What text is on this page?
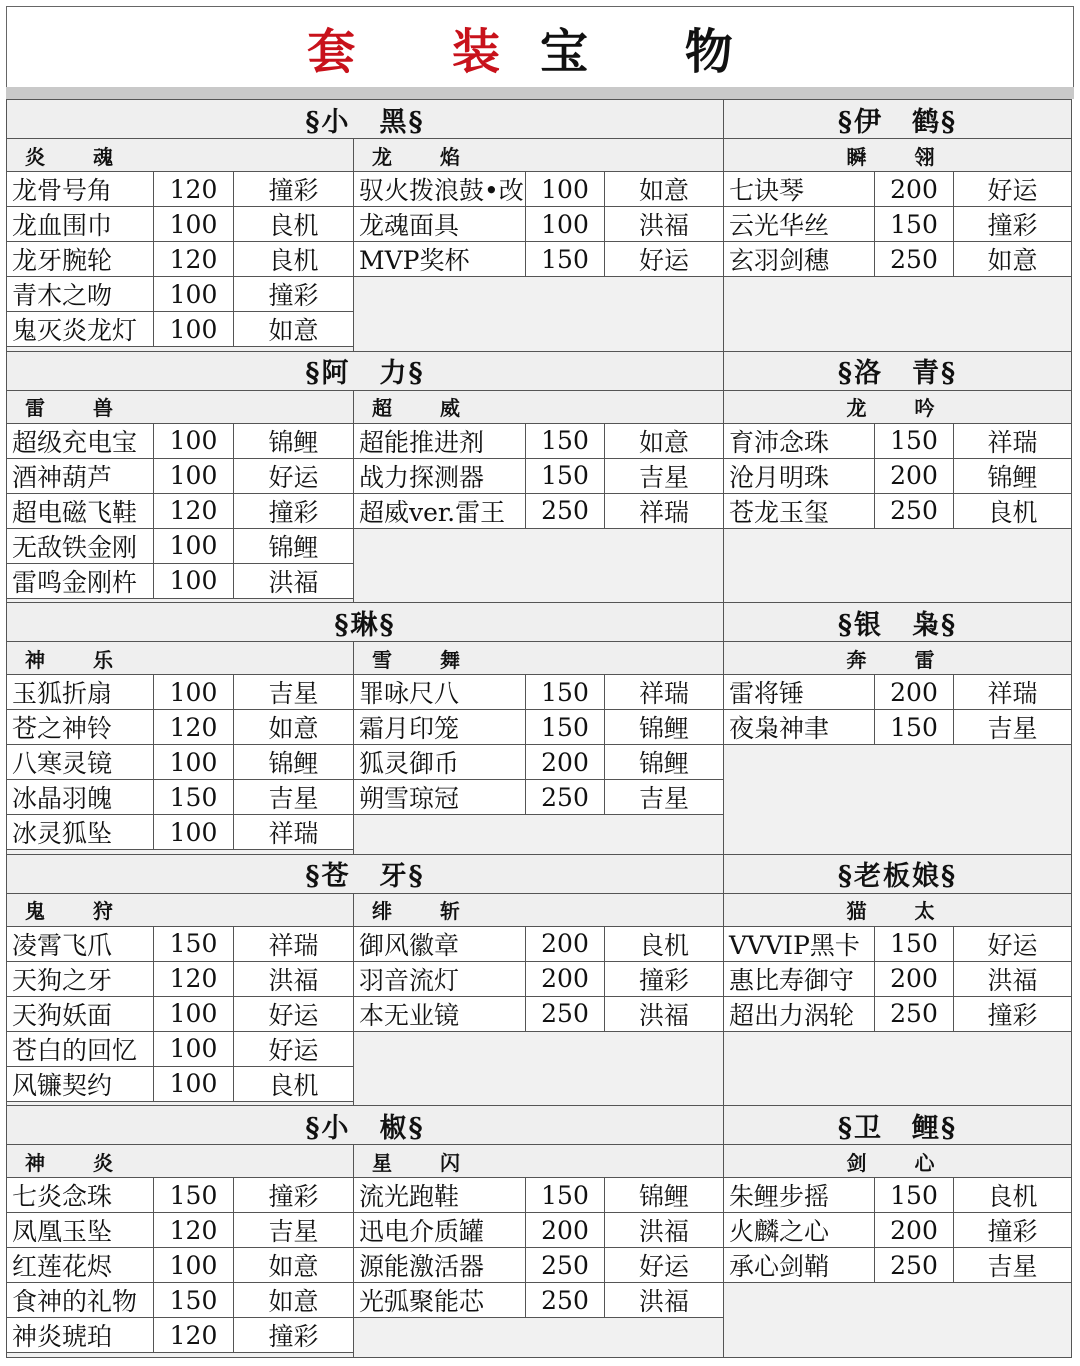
套 装 宝 物
§小　黑§	§伊　鹤§
炎　魂	龙　焰	瞬　翎
龙骨号角	120	撞彩
龙血围巾	100	良机
龙牙腕轮	120	良机
青木之吻	100	撞彩
鬼灭炎龙灯	100	如意
驭火拨浪鼓•改 100	如意
龙魂面具	100	洪福
MVP奖杯	150	好运
七诀琴	200	好运
云光华丝	150	撞彩
玄羽剑穗	250	如意
§阿　力§	§洛　青§
雷　兽	超　威	龙　吟
超级充电宝	100	锦鲤
酒神葫芦	100	好运
超电磁飞鞋	120	撞彩
无敌铁金刚	100	锦鲤
雷鸣金刚杵	100	洪福
超能推进剂	150	如意
战力探测器	150	吉星
超威ver.雷王	250	祥瑞
育沛念珠	150	祥瑞
沧月明珠	200	锦鲤
苍龙玉玺	250	良机
§琳§	§银　枭§
神　乐	雪　舞	奔　雷
玉狐折扇	100	吉星
苍之神铃	120	如意
八寒灵镜	100	锦鲤
冰晶羽魄	150	吉星
冰灵狐坠	100	祥瑞
罪咏尺八	150	祥瑞
霜月印笼	150	锦鲤
狐灵御币	200	锦鲤
朔雪琼冠	250	吉星
雷将锤	200	祥瑞
夜枭神聿	150	吉星
§苍　牙§	§老板娘§
鬼　狩	绯　斩	猫　太
凌霄飞爪	150	祥瑞
天狗之牙	120	洪福
天狗妖面	100	好运
苍白的回忆	100	好运
风镰契约	100	良机
御风徽章	200	良机
羽音流灯	200	撞彩
本无业镜	250	洪福
VVVIP黑卡	150	好运
惠比寿御守	200	洪福
超出力涡轮	250	撞彩
§小　椒§	§卫　鲤§
神　炎	星　闪	剑　心
七炎念珠	150	撞彩
凤凰玉坠	120	吉星
红莲花烬	100	如意
食神的礼物	150	如意
神炎琥珀	120	撞彩
流光跑鞋	150	锦鲤
迅电介质罐	200	洪福
源能激活器	250	好运
光弧聚能芯	250	洪福
朱鲤步摇	150	良机
火麟之心	200	撞彩
承心剑鞘	250	吉星
